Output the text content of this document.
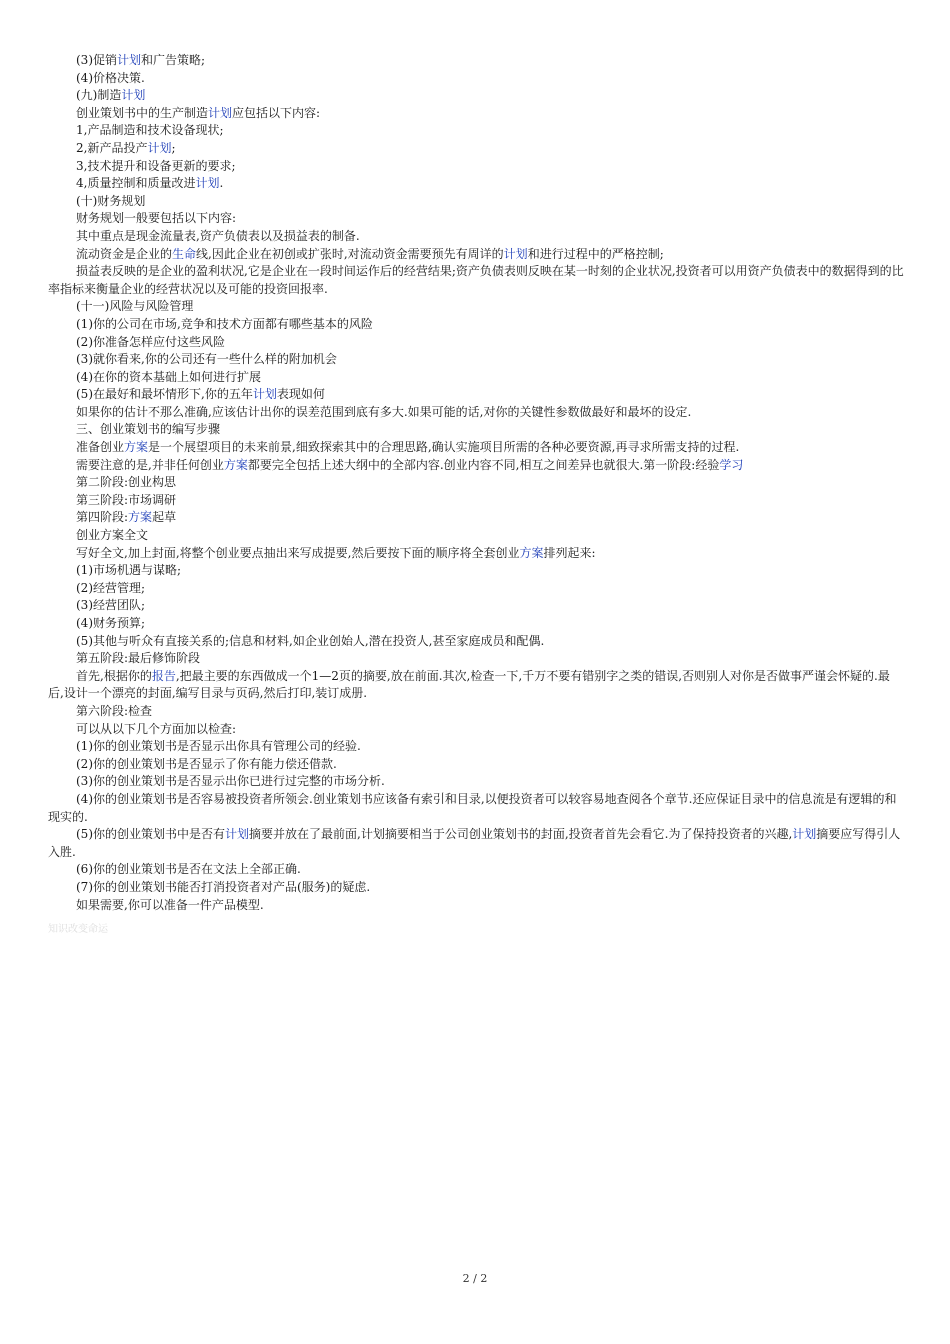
(3)促销计划和广告策略;

(4)价格决策.

(九)制造计划

创业策划书中的生产制造计划应包括以下内容:

1,产品制造和技术设备现状;

2,新产品投产计划;

3,技术提升和设备更新的要求;

4,质量控制和质量改进计划.

(十)财务规划

财务规划一般要包括以下内容:

其中重点是现金流量表,资产负债表以及损益表的制备.

流动资金是企业的生命线,因此企业在初创或扩张时,对流动资金需要预先有周详的计划和进行过程中的严格控制;

损益表反映的是企业的盈利状况,它是企业在一段时间运作后的经营结果;资产负债表则反映在某一时刻的企业状况,投资者可以用资产负债表中的数据得到的比率指标来衡量企业的经营状况以及可能的投资回报率.

(十一)风险与风险管理

(1)你的公司在市场,竞争和技术方面都有哪些基本的风险

(2)你准备怎样应付这些风险

(3)就你看来,你的公司还有一些什么样的附加机会

(4)在你的资本基础上如何进行扩展

(5)在最好和最坏情形下,你的五年计划表现如何

如果你的估计不那么准确,应该估计出你的误差范围到底有多大.如果可能的话,对你的关键性参数做最好和最坏的设定.

三、创业策划书的编写步骤

准备创业方案是一个展望项目的未来前景,细致探索其中的合理思路,确认实施项目所需的各种必要资源,再寻求所需支持的过程.

需要注意的是,并非任何创业方案都要完全包括上述大纲中的全部内容.创业内容不同,相互之间差异也就很大.第一阶段:经验学习

第二阶段:创业构思

第三阶段:市场调研

第四阶段:方案起草

创业方案全文

写好全文,加上封面,将整个创业要点抽出来写成提要,然后要按下面的顺序将全套创业方案排列起来:

(1)市场机遇与谋略;

(2)经营管理;

(3)经营团队;

(4)财务预算;

(5)其他与听众有直接关系的;信息和材料,如企业创始人,潜在投资人,甚至家庭成员和配偶.

第五阶段:最后修饰阶段

首先,根据你的报告,把最主要的东西做成一个1—2页的摘要,放在前面.其次,检查一下,千万不要有错别字之类的错误,否则别人对你是否做事严谨会怀疑的.最后,设计一个漂亮的封面,编写目录与页码,然后打印,装订成册.

第六阶段:检查

可以从以下几个方面加以检查:

(1)你的创业策划书是否显示出你具有管理公司的经验.

(2)你的创业策划书是否显示了你有能力偿还借款.

(3)你的创业策划书是否显示出你已进行过完整的市场分析.

(4)你的创业策划书是否容易被投资者所领会.创业策划书应该备有索引和目录,以便投资者可以较容易地查阅各个章节.还应保证目录中的信息流是有逻辑的和现实的.

(5)你的创业策划书中是否有计划摘要并放在了最前面,计划摘要相当于公司创业策划书的封面,投资者首先会看它.为了保持投资者的兴趣,计划摘要应写得引人入胜.

(6)你的创业策划书是否在文法上全部正确.

(7)你的创业策划书能否打消投资者对产品(服务)的疑虑.

如果需要,你可以准备一件产品模型.

知识改变命运
2 / 2
